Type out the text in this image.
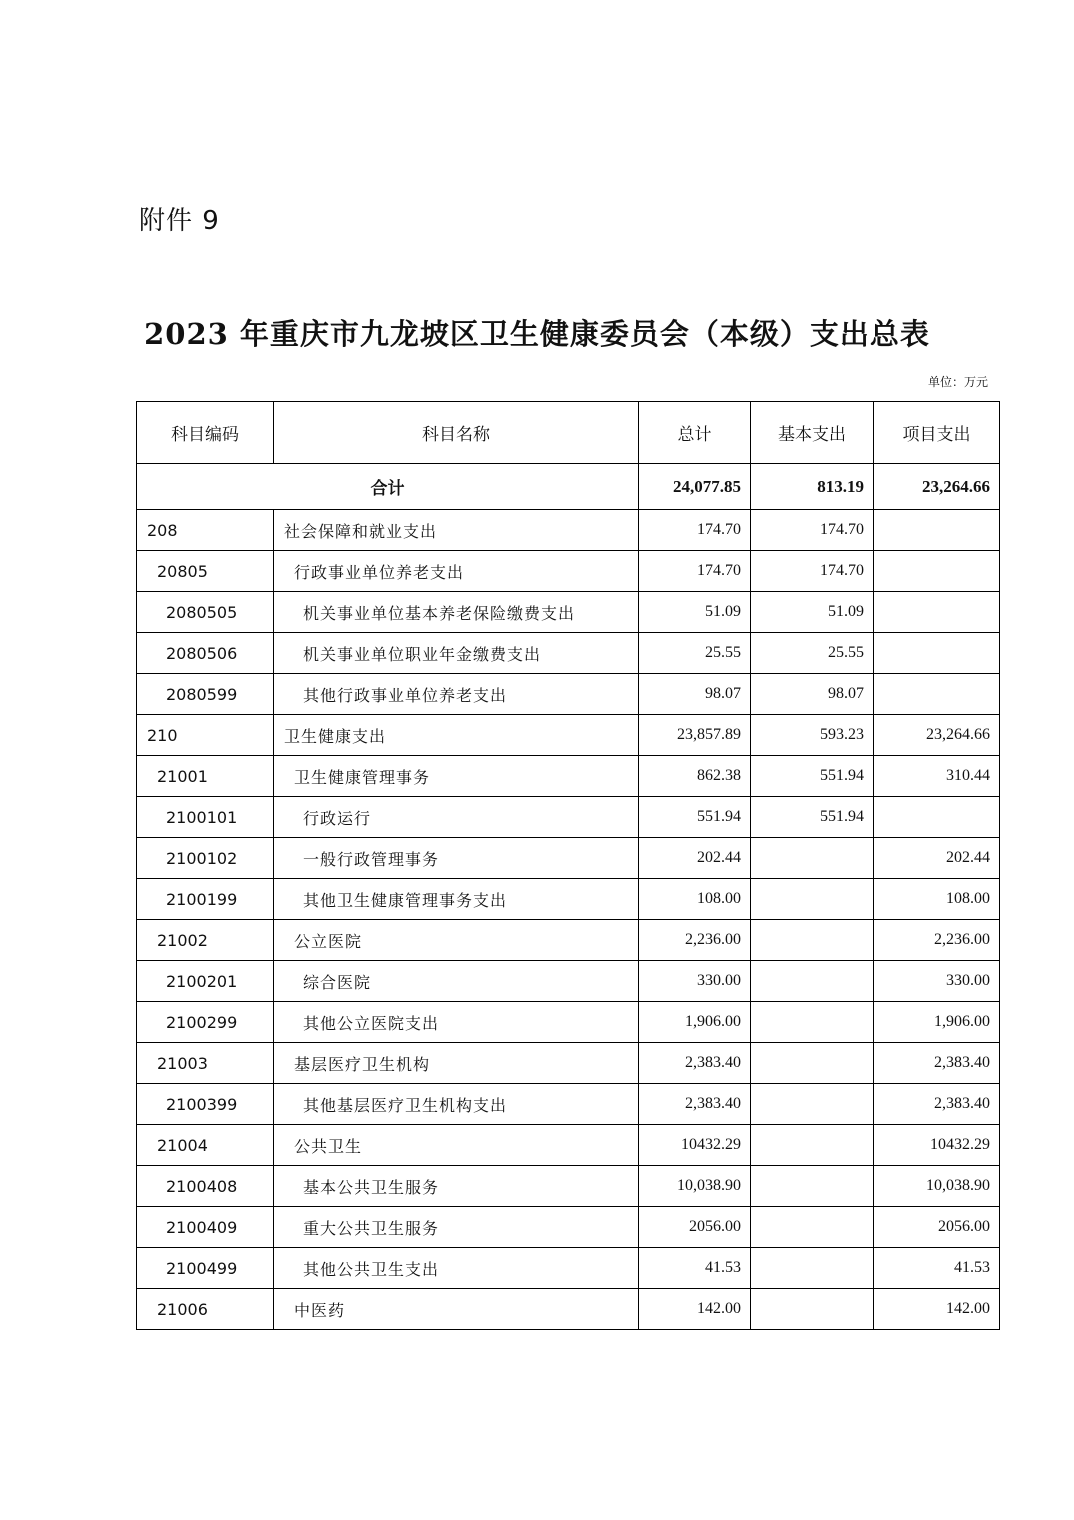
附件 9
2023 年重庆市九龙坡区卫生健康委员会（本级）支出总表
单位：万元
科目编码	科目名称	总计	基本支出	项目支出
合计		24,077.85	813.19	23,264.66
208	社会保障和就业支出	174.70	174.70	
20805	行政事业单位养老支出	174.70	174.70	
2080505	机关事业单位基本养老保险缴费支出	51.09	51.09	
2080506	机关事业单位职业年金缴费支出	25.55	25.55	
2080599	其他行政事业单位养老支出	98.07	98.07	
210	卫生健康支出	23,857.89	593.23	23,264.66
21001	卫生健康管理事务	862.38	551.94	310.44
2100101	行政运行	551.94	551.94	
2100102	一般行政管理事务	202.44		202.44
2100199	其他卫生健康管理事务支出	108.00		108.00
21002	公立医院	2,236.00		2,236.00
2100201	综合医院	330.00		330.00
2100299	其他公立医院支出	1,906.00		1,906.00
21003	基层医疗卫生机构	2,383.40		2,383.40
2100399	其他基层医疗卫生机构支出	2,383.40		2,383.40
21004	公共卫生	10432.29		10432.29
2100408	基本公共卫生服务	10,038.90		10,038.90
2100409	重大公共卫生服务	2056.00		2056.00
2100499	其他公共卫生支出	41.53		41.53
21006	中医药	142.00		142.00
